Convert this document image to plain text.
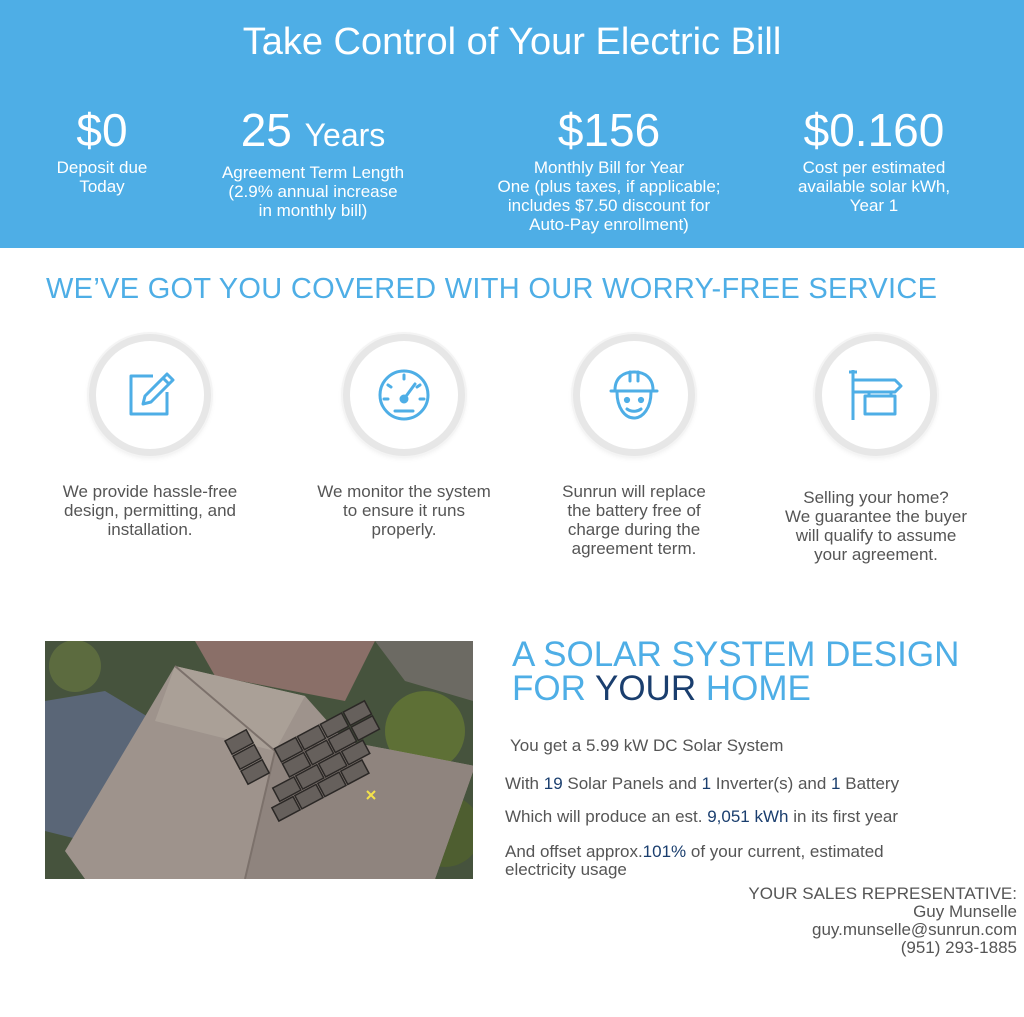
Take Control of Your Electric Bill
$0
Deposit due
Today
25 Years
Agreement Term Length
(2.9% annual increase
in monthly bill)
$156
Monthly Bill for Year
One (plus taxes, if applicable;
includes $7.50 discount for
Auto-Pay enrollment)
$0.160
Cost per estimated
available solar kWh,
Year 1
WE’VE GOT YOU COVERED WITH OUR WORRY-FREE SERVICE
We provide hassle-free
design, permitting, and
installation.
We monitor the system
to ensure it runs
properly.
Sunrun will replace
the battery free of
charge during the
agreement term.
Selling your home?
We guarantee the buyer
will qualify to assume
your agreement.
A SOLAR SYSTEM DESIGN
FOR YOUR HOME
You get a 5.99 kW DC Solar System
With 19 Solar Panels and 1 Inverter(s) and 1 Battery
Which will produce an est. 9,051 kWh in its first year
And offset approx.101% of your current, estimated
electricity usage
YOUR SALES REPRESENTATIVE:
Guy Munselle
guy.munselle@sunrun.com
(951) 293-1885
